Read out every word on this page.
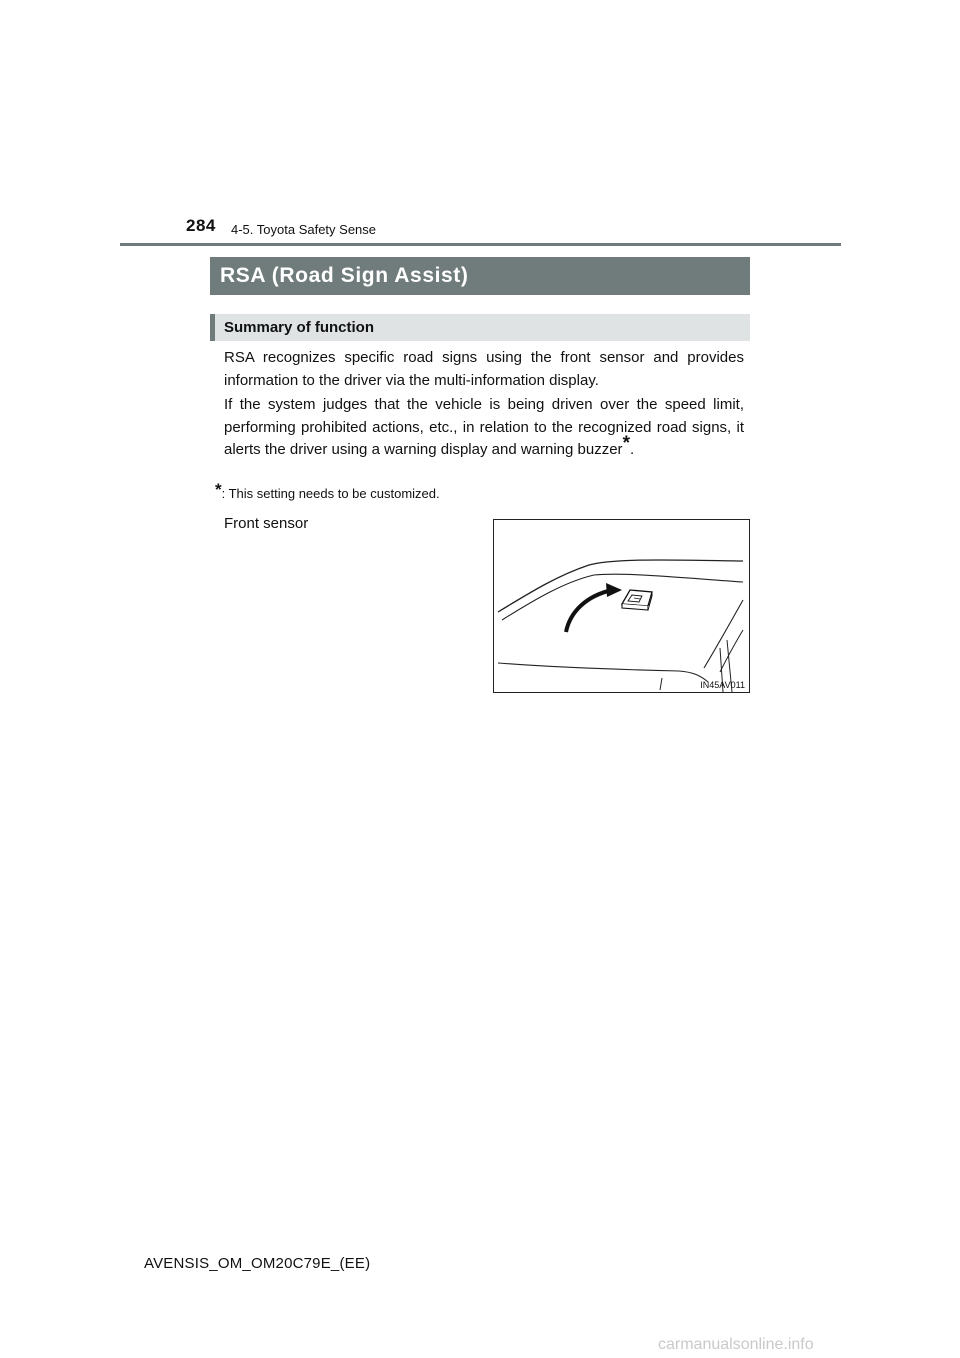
284 4-5. Toyota Safety Sense
RSA (Road Sign Assist)
Summary of function

RSA recognizes specific road signs using the front sensor and provides information to the driver via the multi-information display.

If the system judges that the vehicle is being driven over the speed limit, performing prohibited actions, etc., in relation to the recognized road signs, it alerts the driver using a warning display and warning buzzer*.

*: This setting needs to be customized.
Front sensor
IN45AV011
AVENSIS_OM_OM20C79E_(EE)
carmanualsonline.info
